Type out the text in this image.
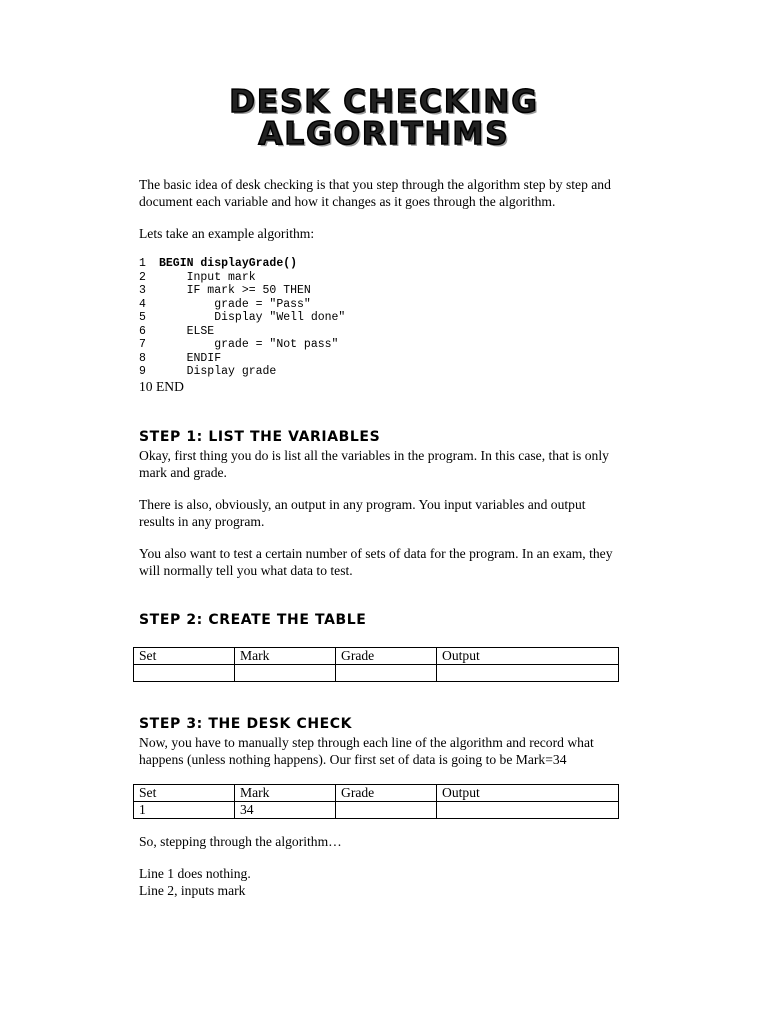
DESK CHECKING

ALGORITHMS

The basic idea of desk checking is that you step through the algorithm step by step and document each variable and how it changes as it goes through the algorithm.

Lets take an example algorithm:

1	BEGIN displayGrade()
2	Input mark
3	IF mark >= 50 THEN
4	grade = "Pass"
5	Display "Well done"
6	ELSE
7	grade = "Not pass"
8	ENDIF
9	Display grade
10 END
STEP 1: LIST THE VARIABLES

Okay, first thing you do is list all the variables in the program. In this case, that is only mark and grade.

There is also, obviously, an output in any program. You input variables and output results in any program.

You also want to test a certain number of sets of data for the program. In an exam, they will normally tell you what data to test.

STEP 2: CREATE THE TABLE
Set	Mark	Grade	Output

STEP 3: THE DESK CHECK

Now, you have to manually step through each line of the algorithm and record what happens (unless nothing happens). Our first set of data is going to be Mark=34

Set	Mark	Grade	Output
1	34		

So, stepping through the algorithm…

Line 1 does nothing.

Line 2, inputs mark
